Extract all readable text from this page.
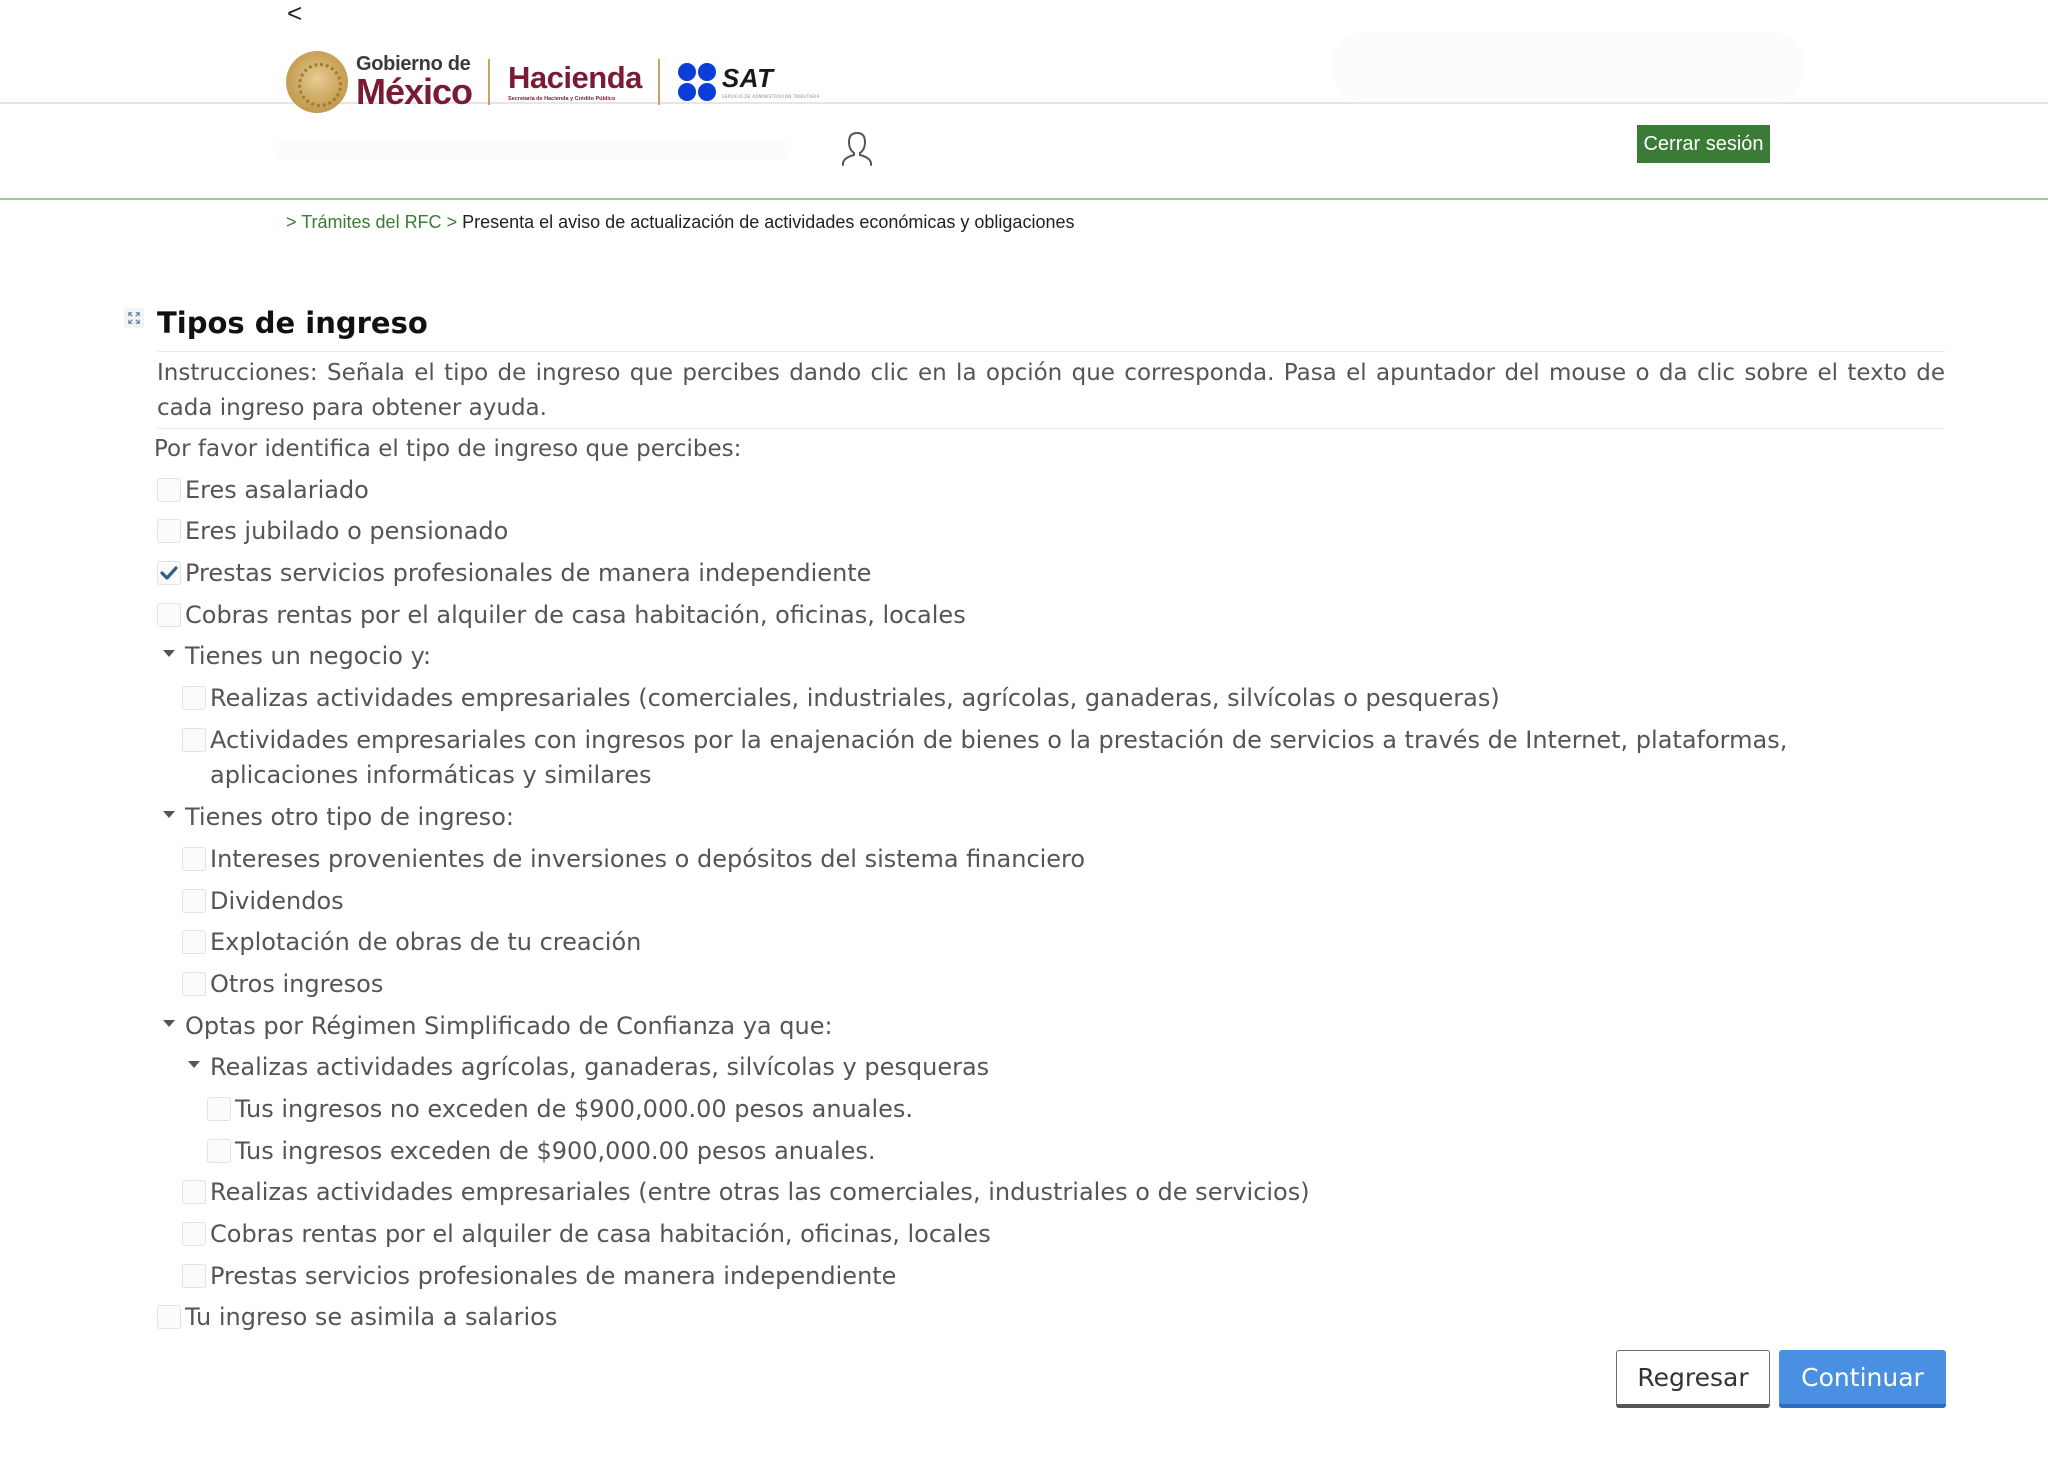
<
Gobierno de
México Hacienda
Secretaría de Hacienda y Crédito Público
SAT
SERVICIO DE ADMINISTRACIÓN TRIBUTARIA
Cerrar sesión
> Trámites del RFC > Presenta el aviso de actualización de actividades económicas y obligaciones
Tipos de ingreso

Instrucciones: Señala el tipo de ingreso que percibes dando clic en la opción que corresponda. Pasa el apuntador del mouse o da clic sobre el texto de cada ingreso para obtener ayuda.

Por favor identifica el tipo de ingreso que percibes:

Eres asalariado
Eres jubilado o pensionado
Prestas servicios profesionales de manera independiente
Cobras rentas por el alquiler de casa habitación, oficinas, locales
Tienes un negocio y:
Realizas actividades empresariales (comerciales, industriales, agrícolas, ganaderas, silvícolas o pesqueras)
Actividades empresariales con ingresos por la enajenación de bienes o la prestación de servicios a través de Internet, plataformas, aplicaciones informáticas y similares
Tienes otro tipo de ingreso:
Intereses provenientes de inversiones o depósitos del sistema financiero
Dividendos
Explotación de obras de tu creación
Otros ingresos
Optas por Régimen Simplificado de Confianza ya que:
Realizas actividades agrícolas, ganaderas, silvícolas y pesqueras
Tus ingresos no exceden de $900,000.00 pesos anuales.
Tus ingresos exceden de $900,000.00 pesos anuales.
Realizas actividades empresariales (entre otras las comerciales, industriales o de servicios)
Cobras rentas por el alquiler de casa habitación, oficinas, locales
Prestas servicios profesionales de manera independiente
Tu ingreso se asimila a salarios
Regresar	Continuar
